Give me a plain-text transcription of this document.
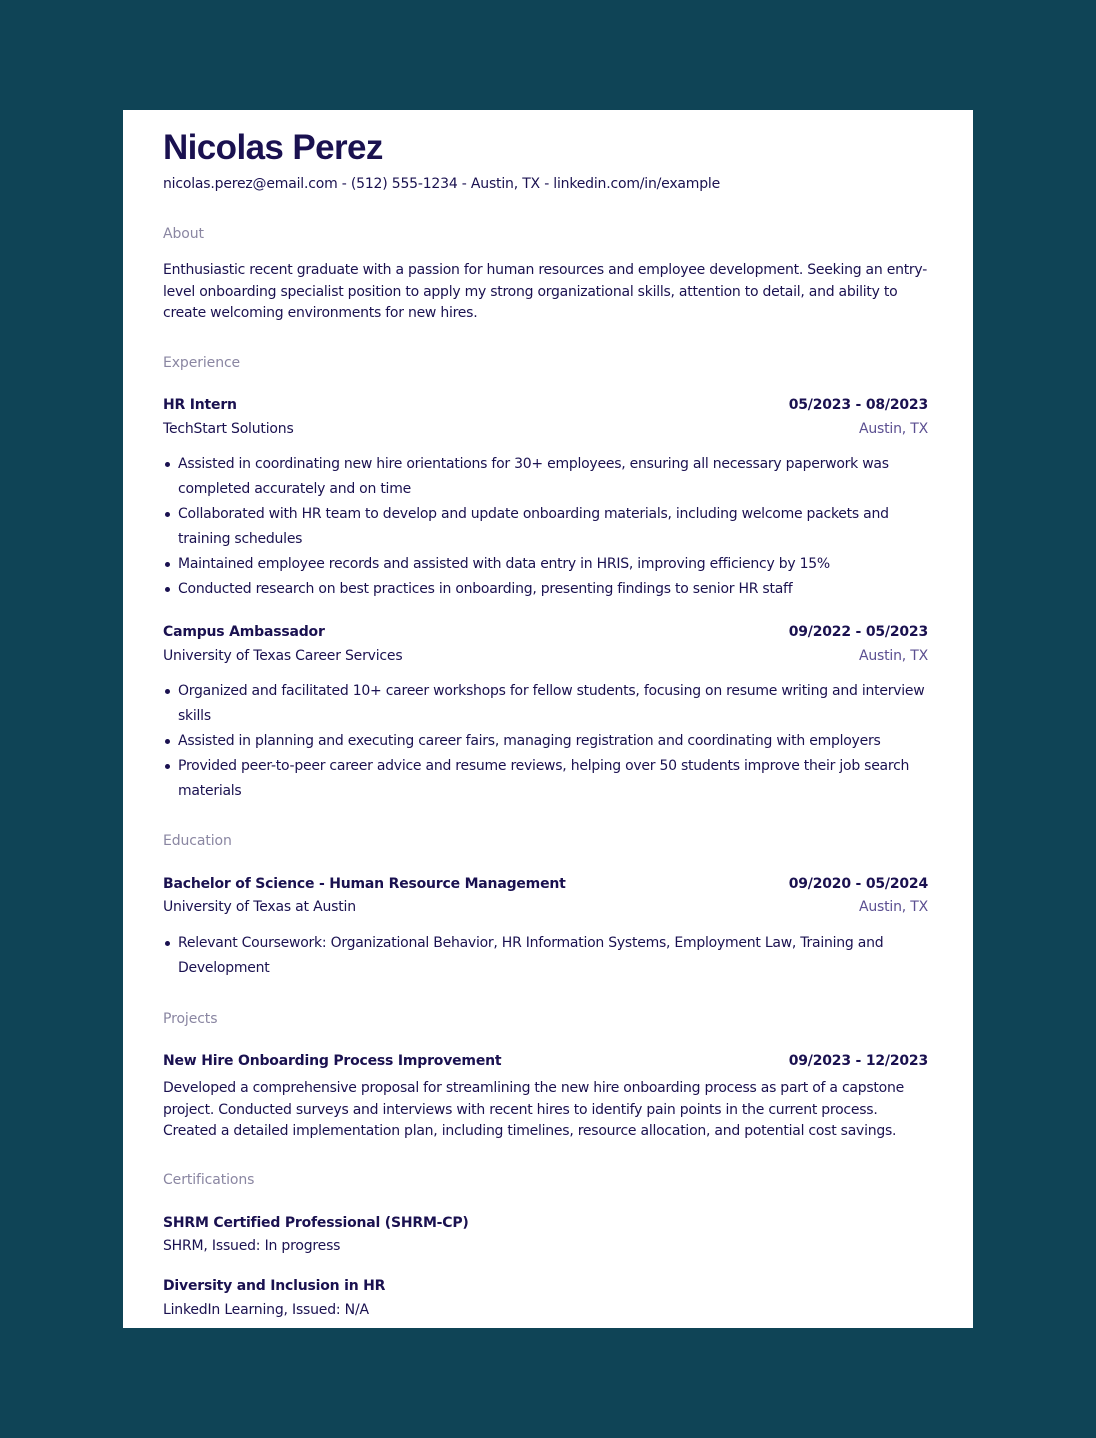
Nicolas Perez
nicolas.perez@email.com - (512) 555-1234 - Austin, TX - linkedin.com/in/example
About
Enthusiastic recent graduate with a passion for human resources and employee development. Seeking an entry-level onboarding specialist position to apply my strong organizational skills, attention to detail, and ability to create welcoming environments for new hires.
Experience
HR Intern	05/2023 - 08/2023
TechStart Solutions	Austin, TX
Assisted in coordinating new hire orientations for 30+ employees, ensuring all necessary paperwork was completed accurately and on time
Collaborated with HR team to develop and update onboarding materials, including welcome packets and training schedules
Maintained employee records and assisted with data entry in HRIS, improving efficiency by 15%
Conducted research on best practices in onboarding, presenting findings to senior HR staff
Campus Ambassador	09/2022 - 05/2023
University of Texas Career Services	Austin, TX
Organized and facilitated 10+ career workshops for fellow students, focusing on resume writing and interview skills
Assisted in planning and executing career fairs, managing registration and coordinating with employers
Provided peer-to-peer career advice and resume reviews, helping over 50 students improve their job search materials
Education
Bachelor of Science - Human Resource Management	09/2020 - 05/2024
University of Texas at Austin	Austin, TX
Relevant Coursework: Organizational Behavior, HR Information Systems, Employment Law, Training and Development
Projects
New Hire Onboarding Process Improvement	09/2023 - 12/2023
Developed a comprehensive proposal for streamlining the new hire onboarding process as part of a capstone project. Conducted surveys and interviews with recent hires to identify pain points in the current process. Created a detailed implementation plan, including timelines, resource allocation, and potential cost savings.
Certifications
SHRM Certified Professional (SHRM-CP)
SHRM, Issued: In progress
Diversity and Inclusion in HR
LinkedIn Learning, Issued: N/A
